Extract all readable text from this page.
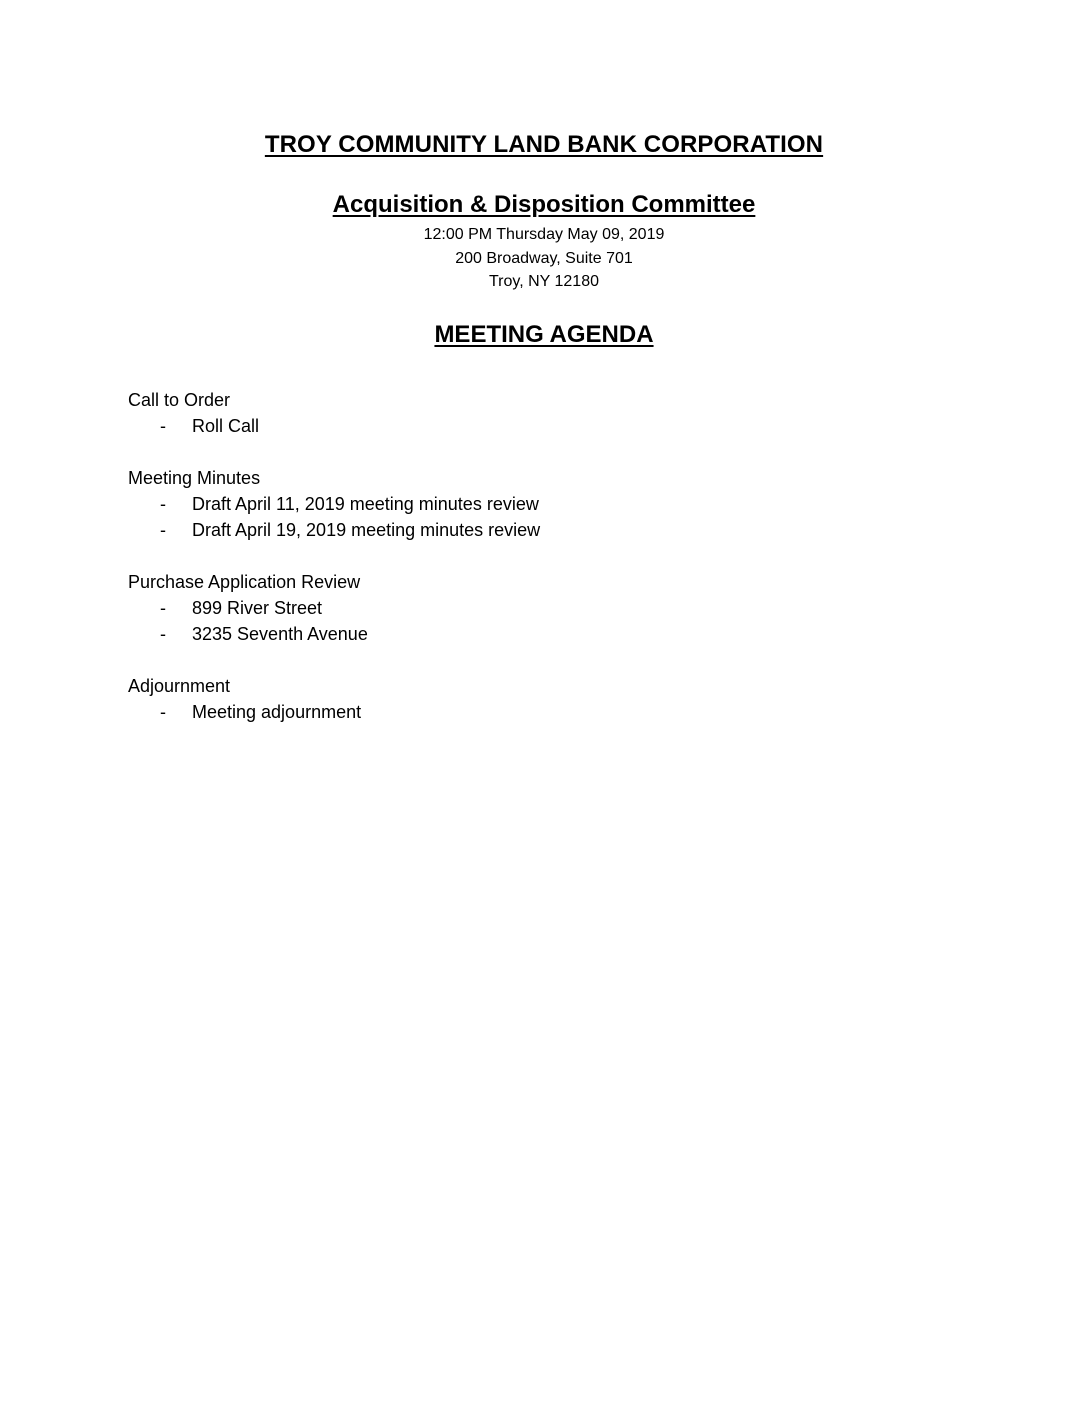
TROY COMMUNITY LAND BANK CORPORATION
Acquisition & Disposition Committee
12:00 PM Thursday May 09, 2019
200 Broadway, Suite 701
Troy, NY 12180
MEETING AGENDA
Call to Order
-	Roll Call
Meeting Minutes
-	Draft April 11, 2019 meeting minutes review
-	Draft April 19, 2019 meeting minutes review
Purchase Application Review
-	899 River Street
-	3235 Seventh Avenue
Adjournment
-	Meeting adjournment
